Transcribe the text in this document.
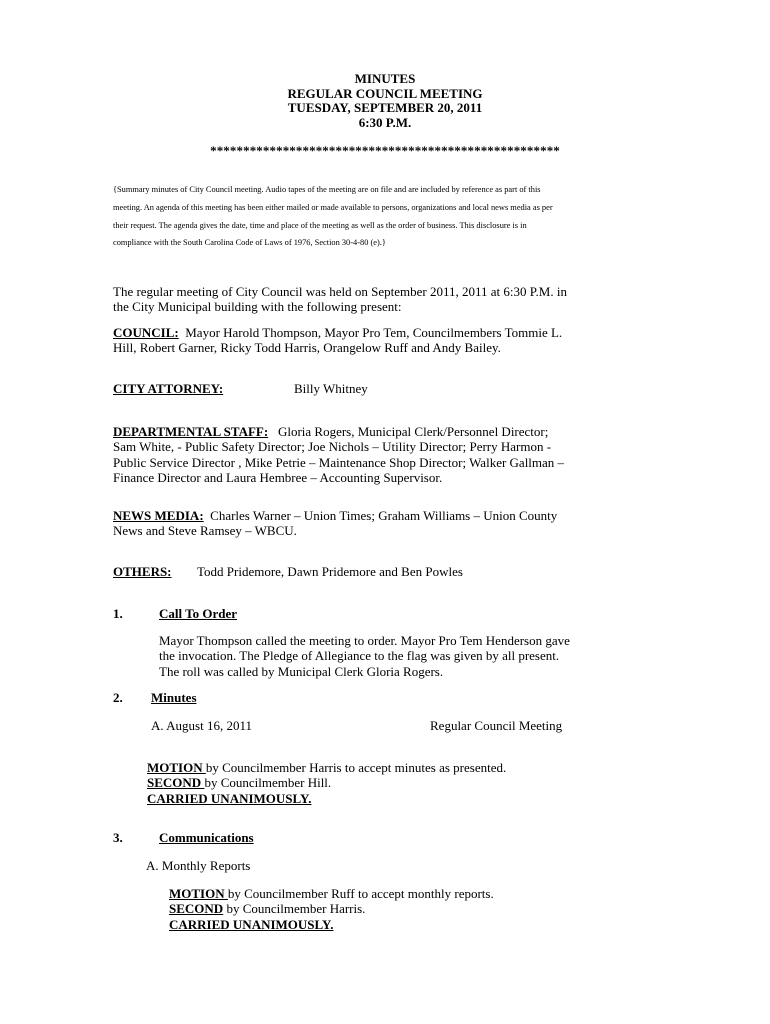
MINUTES
REGULAR COUNCIL MEETING
TUESDAY, SEPTEMBER 20, 2011
6:30 P.M.
*****************************************************
{Summary minutes of City Council meeting. Audio tapes of the meeting are on file and are included by reference as part of this
meeting. An agenda of this meeting has been either mailed or made available to persons, organizations and local news media as per
their request. The agenda gives the date, time and place of the meeting as well as the order of business. This disclosure is in
compliance with the South Carolina Code of Laws of 1976, Section 30-4-80 (e).}
The regular meeting of City Council was held on September 2011, 2011 at 6:30 P.M. in
the City Municipal building with the following present:
COUNCIL:  Mayor Harold Thompson, Mayor Pro Tem, Councilmembers Tommie L.
Hill, Robert Garner, Ricky Todd Harris, Orangelow Ruff and Andy Bailey.
CITY ATTORNEY:	Billy Whitney
DEPARTMENTAL STAFF:   Gloria Rogers, Municipal Clerk/Personnel Director;
Sam White, - Public Safety Director; Joe Nichols – Utility Director; Perry Harmon -
Public Service Director , Mike Petrie – Maintenance Shop Director; Walker Gallman –
Finance Director and Laura Hembree – Accounting Supervisor.
NEWS MEDIA:  Charles Warner – Union Times; Graham Williams – Union County
News and Steve Ramsey – WBCU.
OTHERS: Todd Pridemore, Dawn Pridemore and Ben Powles
1.	Call To Order
Mayor Thompson called the meeting to order. Mayor Pro Tem Henderson gave
the invocation. The Pledge of Allegiance to the flag was given by all present.
The roll was called by Municipal Clerk Gloria Rogers.
2. Minutes
A. August 16, 2011	Regular Council Meeting
MOTION by Councilmember Harris to accept minutes as presented.
SECOND by Councilmember Hill.
CARRIED UNANIMOUSLY.
3.	Communications
A. Monthly Reports
MOTION by Councilmember Ruff to accept monthly reports.
SECOND by Councilmember Harris.
CARRIED UNANIMOUSLY.
